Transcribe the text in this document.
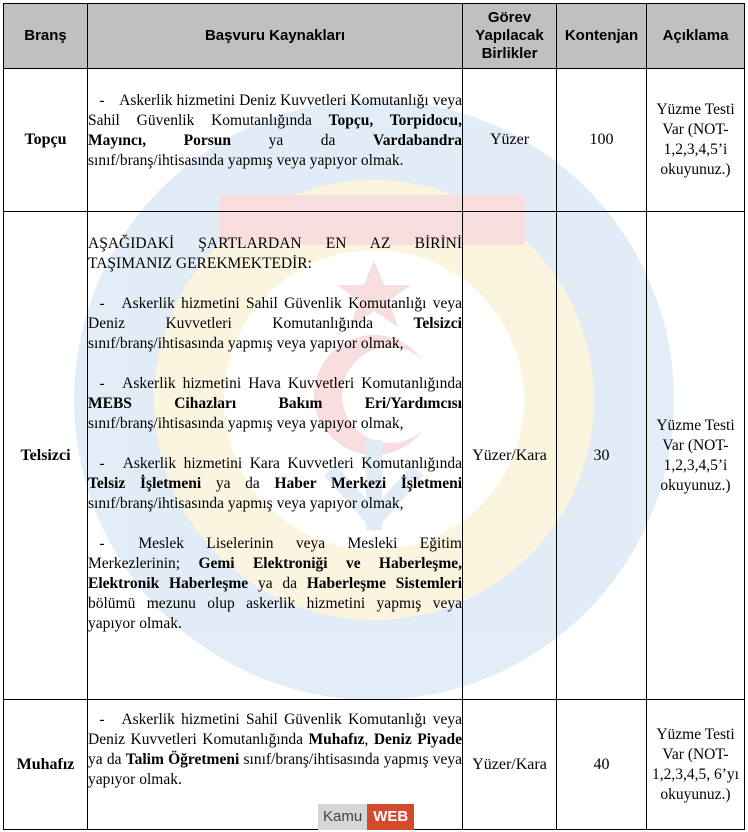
Branş	Başvuru Kaynakları	Görev Yapılacak Birlikler	Kontenjan	Açıklama
Topçu	- Askerlik hizmetini Deniz Kuvvetleri Komutanlığı veya Sahil Güvenlik Komutanlığında Topçu, Torpidocu, Mayıncı, Porsun ya da Vardabandra sınıf/branş/ihtisasında yapmış veya yapıyor olmak.	Yüzer	100	Yüzme Testi Var (NOT-1,2,3,4,5’i okuyunuz.)
Telsizci	AŞAĞIDAKİ ŞARTLARDAN EN AZ BİRİNİ TAŞIMANIZ GEREKMEKTEDİR:

- Askerlik hizmetini Sahil Güvenlik Komutanlığı veya Deniz Kuvvetleri Komutanlığında Telsizci sınıf/branş/ihtisasında yapmış veya yapıyor olmak,

- Askerlik hizmetini Hava Kuvvetleri Komutanlığında MEBS Cihazları Bakım Eri/Yardımcısı sınıf/branş/ihtisasında yapmış veya yapıyor olmak,

- Askerlik hizmetini Kara Kuvvetleri Komutanlığında Telsiz İşletmeni ya da Haber Merkezi İşletmeni sınıf/branş/ihtisasında yapmış veya yapıyor olmak,

- Meslek Liselerinin veya Mesleki Eğitim Merkezlerinin; Gemi Elektroniği ve Haberleşme, Elektronik Haberleşme ya da Haberleşme Sistemleri bölümü mezunu olup askerlik hizmetini yapmış veya yapıyor olmak.	Yüzer/Kara	30	Yüzme Testi Var (NOT-1,2,3,4,5’i okuyunuz.)
Muhafız	- Askerlik hizmetini Sahil Güvenlik Komutanlığı veya Deniz Kuvvetleri Komutanlığında Muhafız, Deniz Piyade ya da Talim Öğretmeni sınıf/branş/ihtisasında yapmış veya yapıyor olmak.	Yüzer/Kara	40	Yüzme Testi Var (NOT-1,2,3,4,5, 6’yı okuyunuz.)
Kamu WEB
